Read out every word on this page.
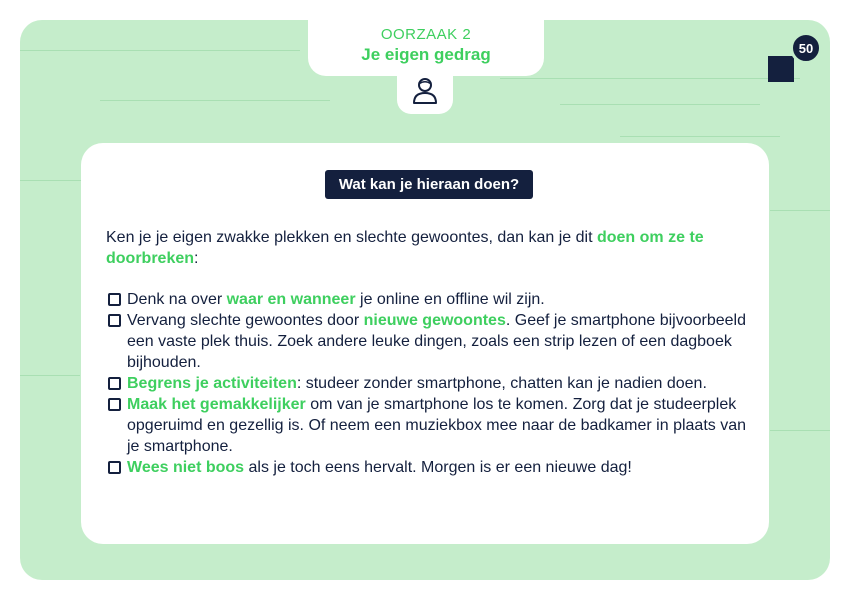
OORZAAK 2
Je eigen gedrag	50
Wat kan je hieraan doen?
Ken je je eigen zwakke plekken en slechte gewoontes, dan kan je dit doen om ze te doorbreken:
Denk na over waar en wanneer je online en offline wil zijn.
Vervang slechte gewoontes door nieuwe gewoontes. Geef je smartphone bijvoorbeeld een vaste plek thuis. Zoek andere leuke dingen, zoals een strip lezen of een dagboek bijhouden.
Begrens je activiteiten: studeer zonder smartphone, chatten kan je nadien doen.
Maak het gemakkelijker om van je smartphone los te komen. Zorg dat je studeerplek opgeruimd en gezellig is. Of neem een muziekbox mee naar de badkamer in plaats van je smartphone.
Wees niet boos als je toch eens hervalt. Morgen is er een nieuwe dag!
